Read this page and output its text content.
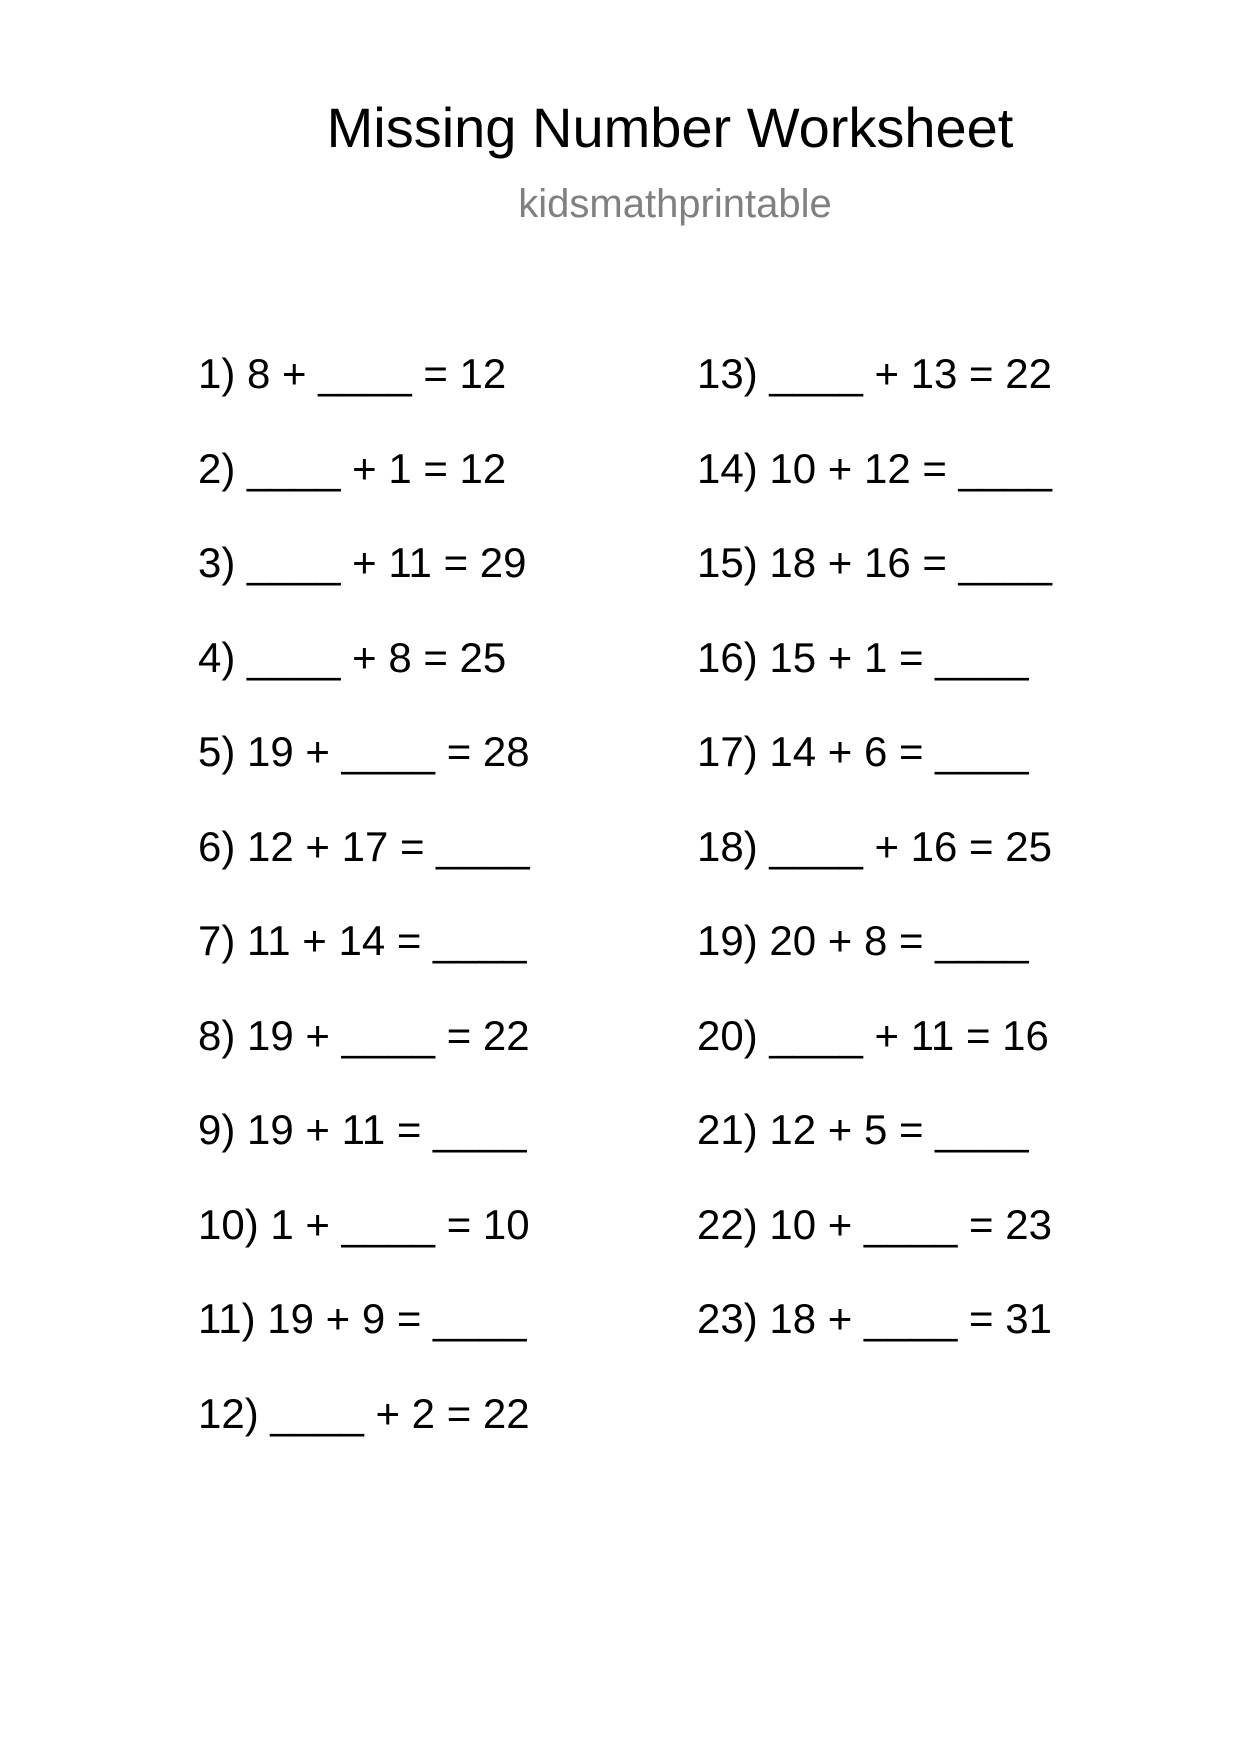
Missing Number Worksheet
kidsmathprintable
1) 8 + ____ = 12
2) ____ + 1 = 12
3) ____ + 11 = 29
4) ____ + 8 = 25
5) 19 + ____ = 28
6) 12 + 17 = ____
7) 11 + 14 = ____
8) 19 + ____ = 22
9) 19 + 11 = ____
10) 1 + ____ = 10
11) 19 + 9 = ____
12) ____ + 2 = 22
13) ____ + 13 = 22
14) 10 + 12 = ____
15) 18 + 16 = ____
16) 15 + 1 = ____
17) 14 + 6 = ____
18) ____ + 16 = 25
19) 20 + 8 = ____
20) ____ + 11 = 16
21) 12 + 5 = ____
22) 10 + ____ = 23
23) 18 + ____ = 31
